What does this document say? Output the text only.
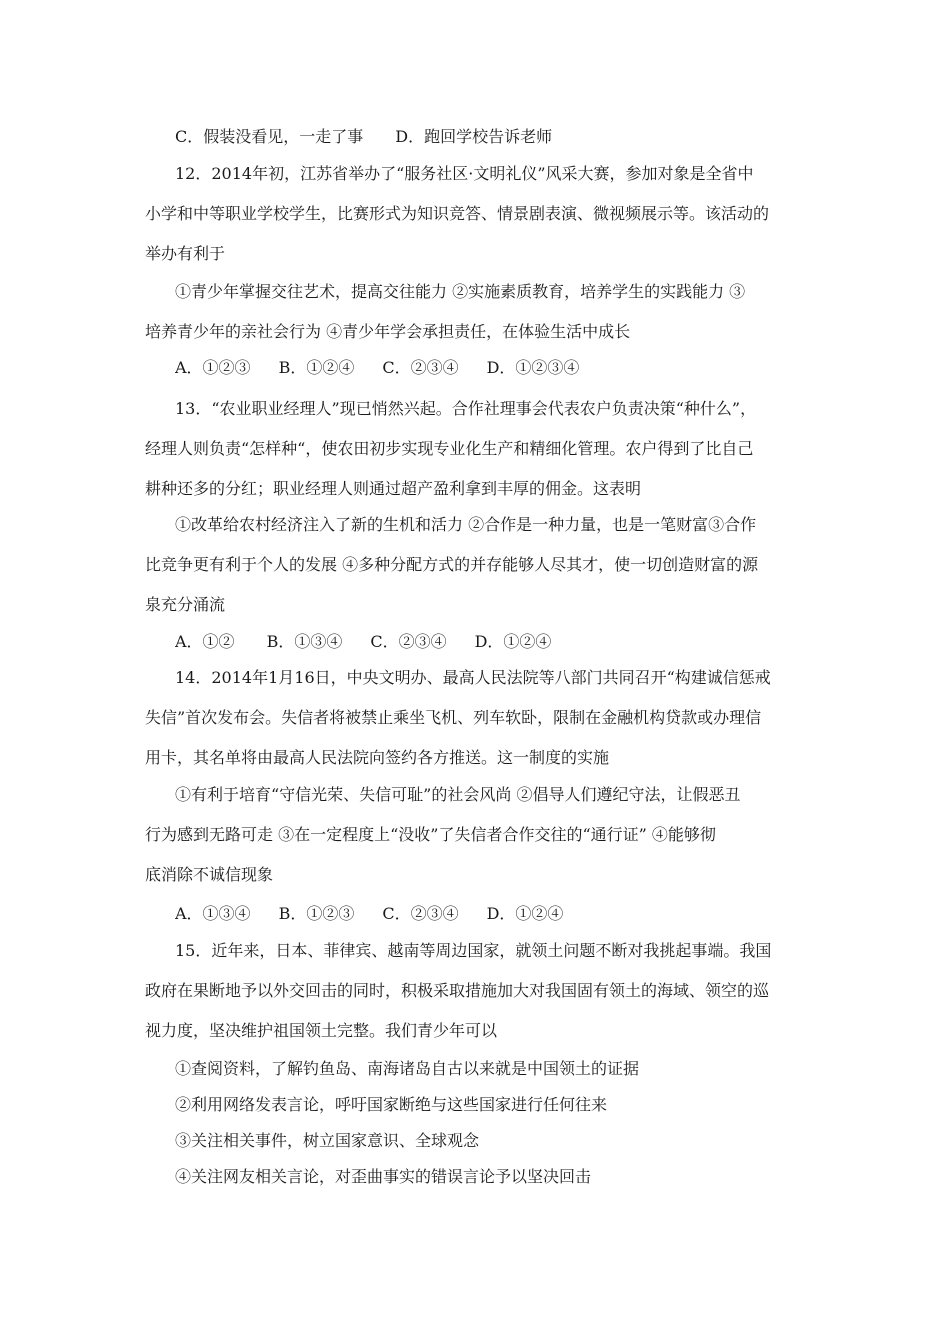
C．假装没看见，一走了事 D．跑回学校告诉老师
12．2014年初，江苏省举办了“服务社区·文明礼仪”风采大赛，参加对象是全省中
小学和中等职业学校学生，比赛形式为知识竞答、情景剧表演、微视频展示等。该活动的
举办有利于
①青少年掌握交往艺术，提高交往能力 ②实施素质教育，培养学生的实践能力 ③
培养青少年的亲社会行为 ④青少年学会承担责任，在体验生活中成长
A．①②③ B．①②④ C．②③④ D．①②③④
13．“农业职业经理人”现已悄然兴起。合作社理事会代表农户负责决策“种什么”，
经理人则负责“怎样种“，使农田初步实现专业化生产和精细化管理。农户得到了比自己
耕种还多的分红；职业经理人则通过超产盈利拿到丰厚的佣金。这表明
①改革给农村经济注入了新的生机和活力 ②合作是一种力量，也是一笔财富③合作
比竞争更有利于个人的发展 ④多种分配方式的并存能够人尽其才，使一切创造财富的源
泉充分涌流
A．①② B．①③④ C．②③④ D．①②④
14．2014年1月16日，中央文明办、最高人民法院等八部门共同召开“构建诚信惩戒
失信”首次发布会。失信者将被禁止乘坐飞机、列车软卧，限制在金融机构贷款或办理信
用卡，其名单将由最高人民法院向签约各方推送。这一制度的实施
①有利于培育“守信光荣、失信可耻”的社会风尚 ②倡导人们遵纪守法，让假恶丑
行为感到无路可走 ③在一定程度上“没收”了失信者合作交往的“通行证” ④能够彻
底消除不诚信现象
A．①③④ B．①②③ C．②③④ D．①②④
15．近年来，日本、菲律宾、越南等周边国家，就领土问题不断对我挑起事端。我国
政府在果断地予以外交回击的同时，积极采取措施加大对我国固有领土的海域、领空的巡
视力度，坚决维护祖国领土完整。我们青少年可以
①查阅资料，了解钓鱼岛、南海诸岛自古以来就是中国领土的证据
②利用网络发表言论，呼吁国家断绝与这些国家进行任何往来
③关注相关事件，树立国家意识、全球观念
④关注网友相关言论，对歪曲事实的错误言论予以坚决回击
